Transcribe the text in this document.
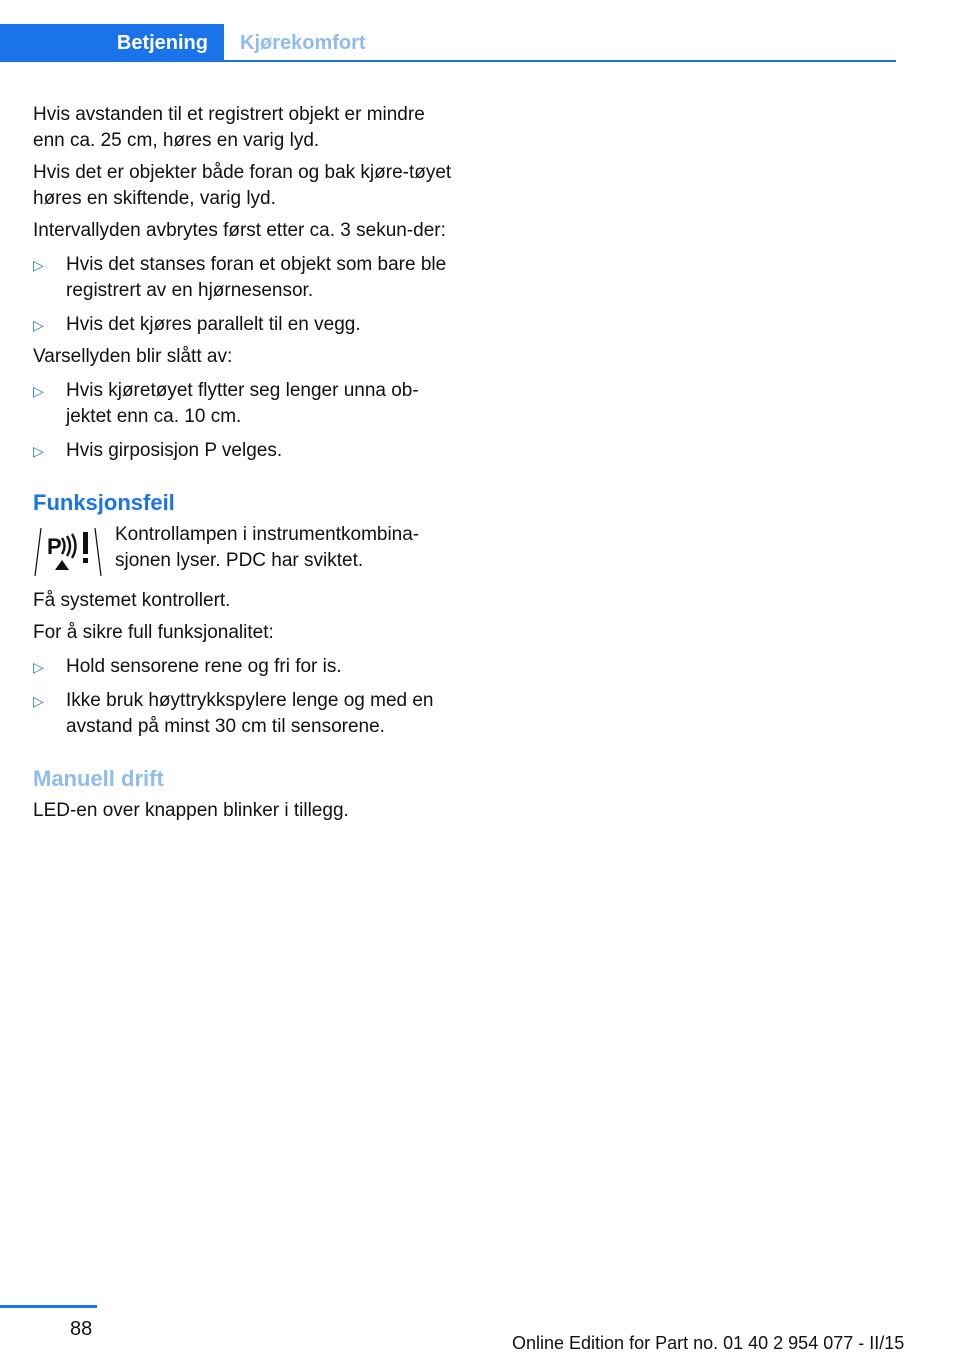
Betjening	Kjørekomfort

Hvis avstanden til et registrert objekt er mindre enn ca. 25 cm, høres en varig lyd.

Hvis det er objekter både foran og bak kjøre-tøyet høres en skiftende, varig lyd.

Intervallyden avbrytes først etter ca. 3 sekun-der:

▷ Hvis det stanses foran et objekt som bare ble registrert av en hjørnesensor.
▷ Hvis det kjøres parallelt til en vegg.

Varsellyden blir slått av:

▷ Hvis kjøretøyet flytter seg lenger unna ob-jektet enn ca. 10 cm.
▷ Hvis girposisjon P velges.
Funksjonsfeil
P	Kontrollampen i instrumentkombina-sjonen lyser. PDC har sviktet.

Få systemet kontrollert.

For å sikre full funksjonalitet:

▷ Hold sensorene rene og fri for is.
▷ Ikke bruk høyttrykkspylere lenge og med en avstand på minst 30 cm til sensorene.
Manuell drift

LED-en over knappen blinker i tillegg.

88
Online Edition for Part no. 01 40 2 954 077 - II/15
